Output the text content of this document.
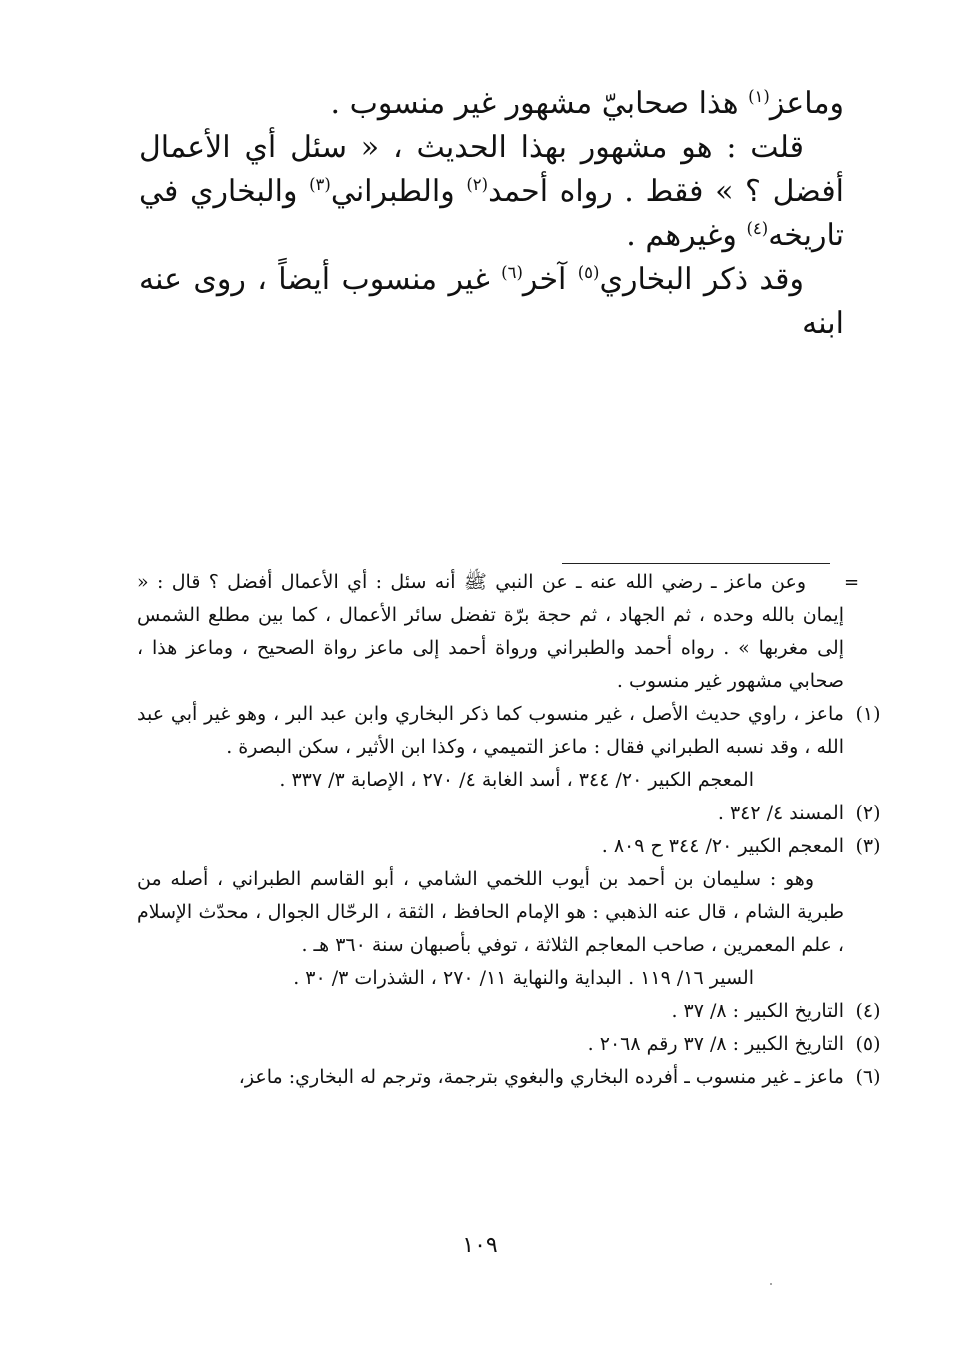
وماعز$^{(١)}$ هذا صحابيّ مشهور غير منسوب .

قلت : هو مشهور بهذا الحديث ، « سئل أي الأعمال أفضل ؟ » فقط . رواه أحمد$^{(٢)}$ والطبراني$^{(٣)}$ والبخاري في تاريخه$^{(٤)}$ وغيرهم .

وقد ذكر البخاري$^{(٥)}$ آخر$^{(٦)}$ غير منسوب أيضاً ، روى عنه ابنه

=

وعن ماعز ـ رضي الله عنه ـ عن النبي ﷺ أنه سئل : أي الأعمال أفضل ؟ قال : « إيمان بالله وحده ، ثم الجهاد ، ثم حجة برّة تفضل سائر الأعمال ، كما بين مطلع الشمس إلى مغربها » . رواه أحمد والطبراني ورواة أحمد إلى ماعز رواة الصحيح ، وماعز هذا ، صحابي مشهور غير منسوب .

(١)

ماعز ، راوي حديث الأصل ، غير منسوب كما ذكر البخاري وابن عبد البر ، وهو غير أبي عبد الله ، وقد نسبه الطبراني فقال : ماعز التميمي ، وكذا ابن الأثير ، سكن البصرة .

المعجم الكبير ٢٠/ ٣٤٤ ، أسد الغابة ٤/ ٢٧٠ ، الإصابة ٣/ ٣٣٧ .

(٢)

المسند ٤/ ٣٤٢ .

(٣)

المعجم الكبير ٢٠/ ٣٤٤ ح ٨٠٩ .

وهو : سليمان بن أحمد بن أيوب اللخمي الشامي ، أبو القاسم الطبراني ، أصله من طبرية الشام ، قال عنه الذهبي : هو الإمام الحافظ ، الثقة ، الرحّال الجوال ، محدّث الإسلام ، علم المعمرين ، صاحب المعاجم الثلاثة ، توفي بأصبهان سنة ٣٦٠ هـ .

السير ١٦/ ١١٩ . البداية والنهاية ١١/ ٢٧٠ ، الشذرات ٣/ ٣٠ .

(٤)

التاريخ الكبير : ٨/ ٣٧ .

(٥)

التاريخ الكبير : ٨/ ٣٧ رقم ٢٠٦٨ .

(٦)

ماعز ـ غير منسوب ـ أفرده البخاري والبغوي بترجمة، وترجم له البخاري: ماعز،

١٠٩
